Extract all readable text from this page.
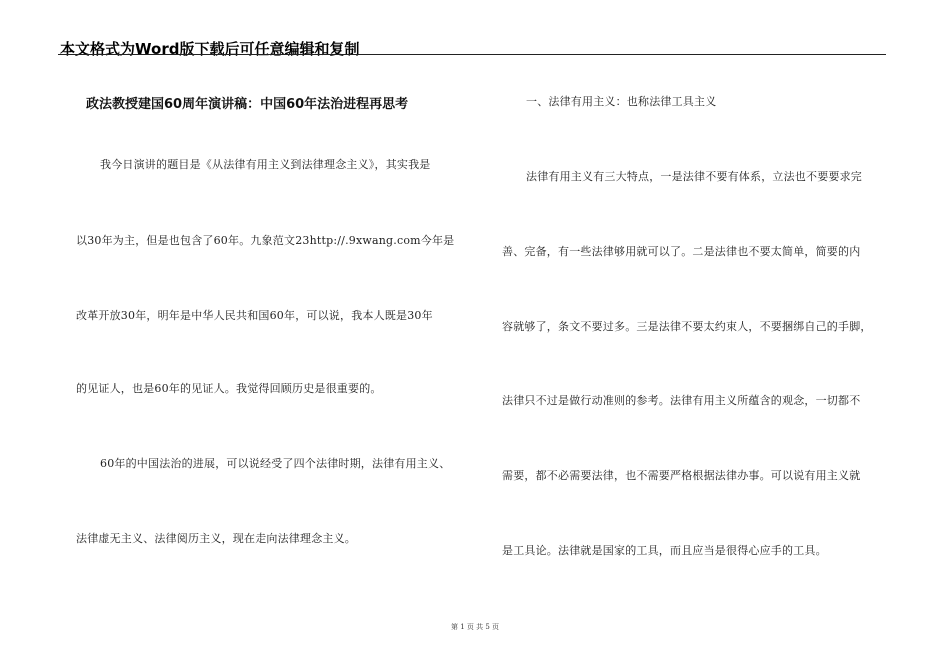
本文格式为Word版下载后可任意编辑和复制
政法教授建国60周年演讲稿：中国60年法治进程再思考
我今日演讲的题目是《从法律有用主义到法律理念主义》，其实我是
以30年为主，但是也包含了60年。九象范文23http://.9xwang.com今年是
改革开放30年，明年是中华人民共和国60年，可以说，我本人既是30年
的见证人，也是60年的见证人。我觉得回顾历史是很重要的。
60年的中国法治的进展，可以说经受了四个法律时期，法律有用主义、
法律虚无主义、法律阅历主义，现在走向法律理念主义。
一、法律有用主义：也称法律工具主义
法律有用主义有三大特点，一是法律不要有体系，立法也不要要求完
善、完备，有一些法律够用就可以了。二是法律也不要太简单，简要的内
容就够了，条文不要过多。三是法律不要太约束人，不要捆绑自己的手脚，
法律只不过是做行动准则的参考。法律有用主义所蕴含的观念，一切都不
需要，都不必需要法律，也不需要严格根据法律办事。可以说有用主义就
是工具论。法律就是国家的工具，而且应当是很得心应手的工具。
第 1 页 共 5 页
